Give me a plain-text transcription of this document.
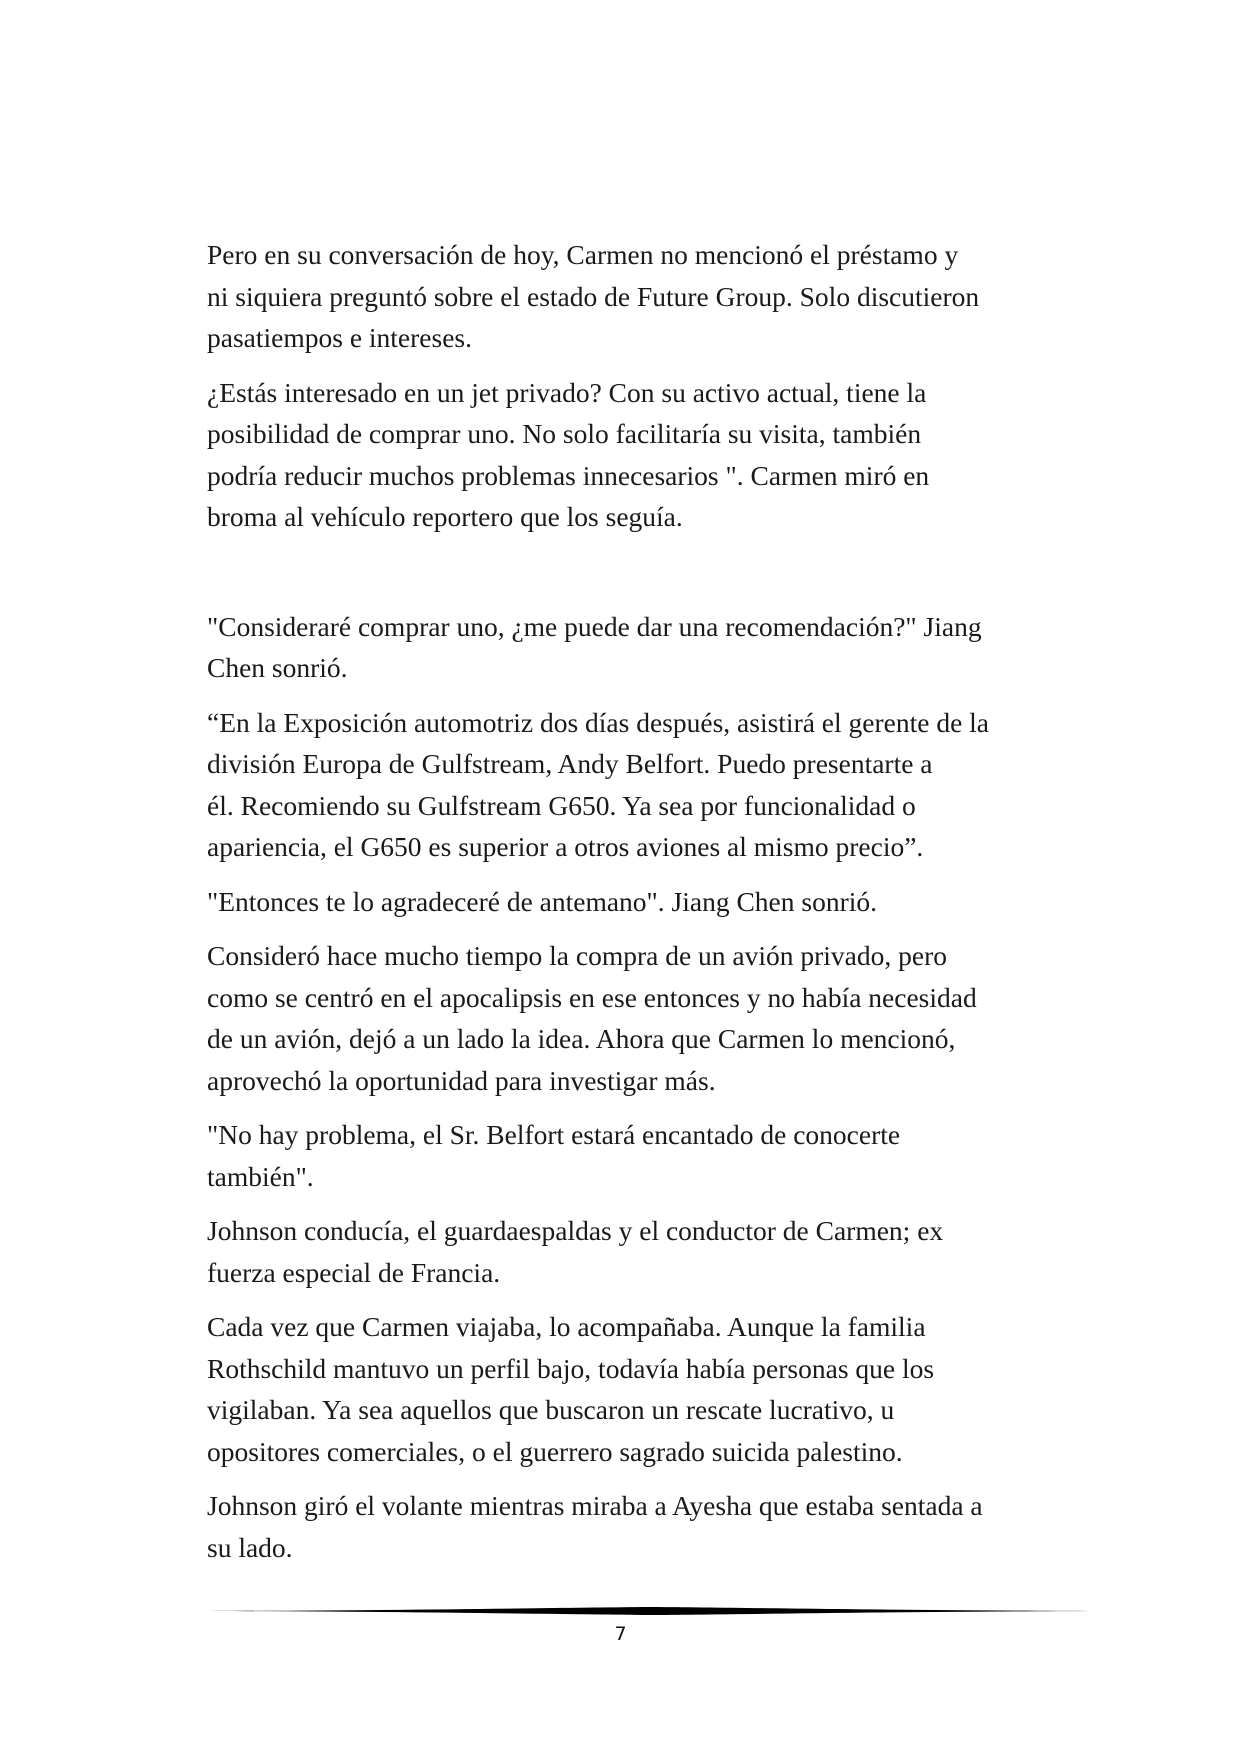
Pero en su conversación de hoy, Carmen no mencionó el préstamo y
ni siquiera preguntó sobre el estado de Future Group. Solo discutieron
pasatiempos e intereses.

¿Estás interesado en un jet privado? Con su activo actual, tiene la
posibilidad de comprar uno. No solo facilitaría su visita, también
podría reducir muchos problemas innecesarios ". Carmen miró en
broma al vehículo reportero que los seguía.

"Consideraré comprar uno, ¿me puede dar una recomendación?" Jiang
Chen sonrió.

“En la Exposición automotriz dos días después, asistirá el gerente de la
división Europa de Gulfstream, Andy Belfort. Puedo presentarte a
él. Recomiendo su Gulfstream G650. Ya sea por funcionalidad o
apariencia, el G650 es superior a otros aviones al mismo precio”.

"Entonces te lo agradeceré de antemano". Jiang Chen sonrió.

Consideró hace mucho tiempo la compra de un avión privado, pero
como se centró en el apocalipsis en ese entonces y no había necesidad
de un avión, dejó a un lado la idea. Ahora que Carmen lo mencionó,
aprovechó la oportunidad para investigar más.

"No hay problema, el Sr. Belfort estará encantado de conocerte
también".

Johnson conducía, el guardaespaldas y el conductor de Carmen; ex
fuerza especial de Francia.

Cada vez que Carmen viajaba, lo acompañaba. Aunque la familia
Rothschild mantuvo un perfil bajo, todavía había personas que los
vigilaban. Ya sea aquellos que buscaron un rescate lucrativo, u
opositores comerciales, o el guerrero sagrado suicida palestino.

Johnson giró el volante mientras miraba a Ayesha que estaba sentada a
su lado.

7
